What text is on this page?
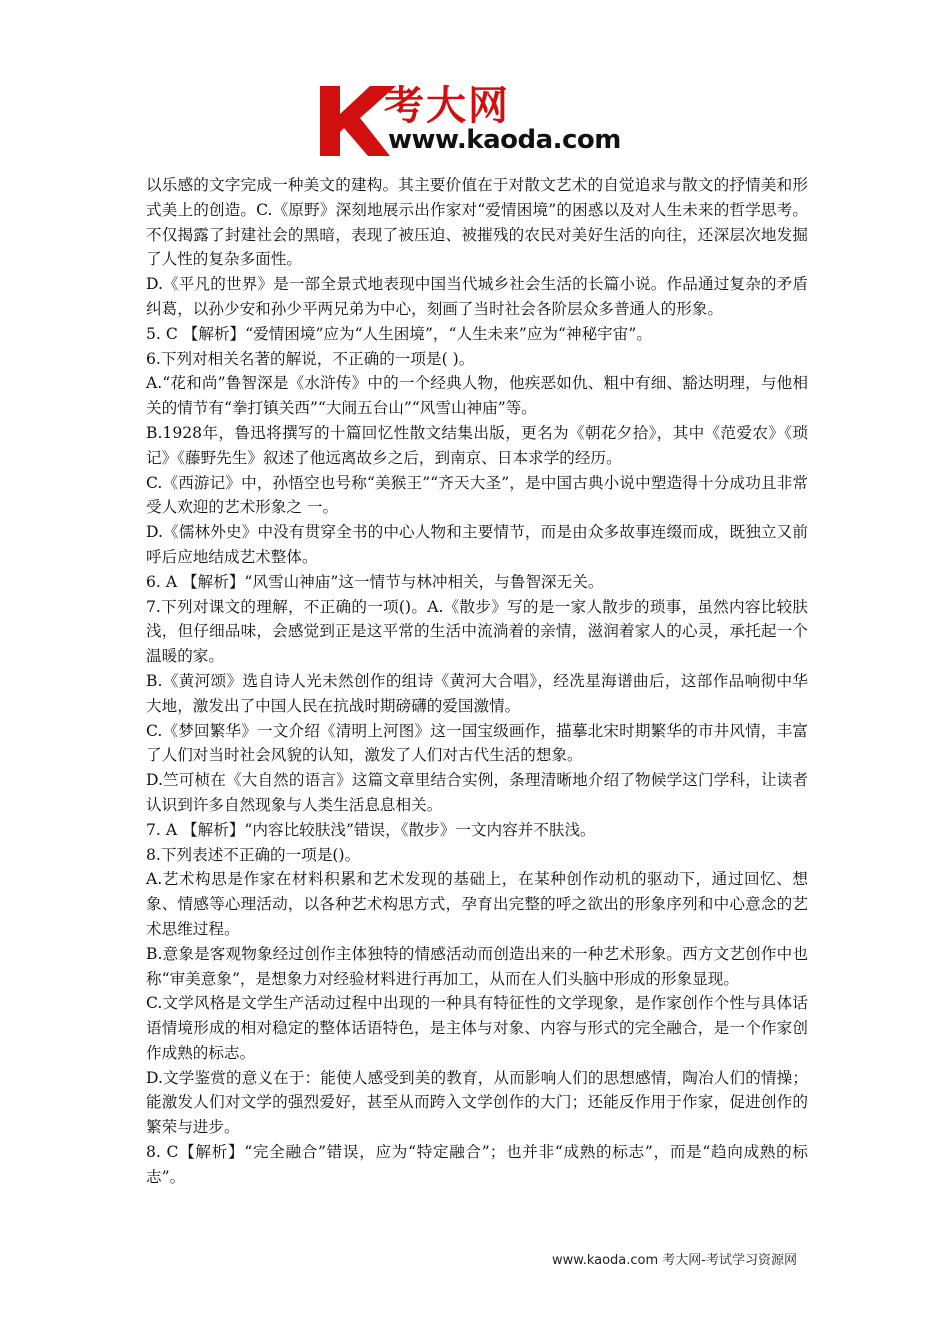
考大网
www.kaoda.com

以乐感的文字完成一种美文的建构。其主要价值在于对散文艺术的自觉追求与散文的抒情美和形式美上的创造。C.《原野》深刻地展示出作家对“爱情困境”的困惑以及对人生未来的哲学思考。不仅揭露了封建社会的黑暗，表现了被压迫、被摧残的农民对美好生活的向往，还深层次地发掘了人性的复杂多面性。

D.《平凡的世界》是一部全景式地表现中国当代城乡社会生活的长篇小说。作品通过复杂的矛盾纠葛，以孙少安和孙少平两兄弟为中心，刻画了当时社会各阶层众多普通人的形象。

5. C 【解析】“爱情困境”应为“人生困境”，“人生未来”应为“神秘宇宙”。

6.下列对相关名著的解说，不正确的一项是( )。

A.“花和尚”鲁智深是《水浒传》中的一个经典人物，他疾恶如仇、粗中有细、豁达明理，与他相关的情节有“拳打镇关西”“大闹五台山”“风雪山神庙”等。

B.1928年，鲁迅将撰写的十篇回忆性散文结集出版，更名为《朝花夕拾》，其中《范爱农》《琐记》《藤野先生》叙述了他远离故乡之后，到南京、日本求学的经历。

C.《西游记》中，孙悟空也号称“美猴王”“齐天大圣”，是中国古典小说中塑造得十分成功且非常受人欢迎的艺术形象之 一。

D.《儒林外史》中没有贯穿全书的中心人物和主要情节，而是由众多故事连缀而成，既独立又前呼后应地结成艺术整体。

6. A 【解析】“风雪山神庙”这一情节与林冲相关，与鲁智深无关。

7.下列对课文的理解，不正确的一项()。A.《散步》写的是一家人散步的琐事，虽然内容比较肤浅，但仔细品味，会感觉到正是这平常的生活中流淌着的亲情，滋润着家人的心灵，承托起一个温暖的家。

B.《黄河颂》选自诗人光未然创作的组诗《黄河大合唱》，经冼星海谱曲后，这部作品响彻中华大地，激发出了中国人民在抗战时期磅礴的爱国激情。

C.《梦回繁华》一文介绍《清明上河图》这一国宝级画作，描摹北宋时期繁华的市井风情，丰富了人们对当时社会风貌的认知，激发了人们对古代生活的想象。

D.竺可桢在《大自然的语言》这篇文章里结合实例，条理清晰地介绍了物候学这门学科，让读者认识到许多自然现象与人类生活息息相关。

7. A 【解析】“内容比较肤浅”错误，《散步》一文内容并不肤浅。

8.下列表述不正确的一项是()。

A.艺术构思是作家在材料积累和艺术发现的基础上，在某种创作动机的驱动下，通过回忆、想象、情感等心理活动，以各种艺术构思方式，孕育出完整的呼之欲出的形象序列和中心意念的艺术思维过程。

B.意象是客观物象经过创作主体独特的情感活动而创造出来的一种艺术形象。西方文艺创作中也称“审美意象”，是想象力对经验材料进行再加工，从而在人们头脑中形成的形象显现。

C.文学风格是文学生产活动过程中出现的一种具有特征性的文学现象，是作家创作个性与具体话语情境形成的相对稳定的整体话语特色，是主体与对象、内容与形式的完全融合，是一个作家创作成熟的标志。

D.文学鉴赏的意义在于：能使人感受到美的教育，从而影响人们的思想感情，陶冶人们的情操；能激发人们对文学的强烈爱好，甚至从而跨入文学创作的大门；还能反作用于作家，促进创作的繁荣与进步。

8. C【解析】“完全融合”错误，应为“特定融合”；也并非“成熟的标志”，而是“趋向成熟的标志”。

www.kaoda.com 考大网-考试学习资源网
